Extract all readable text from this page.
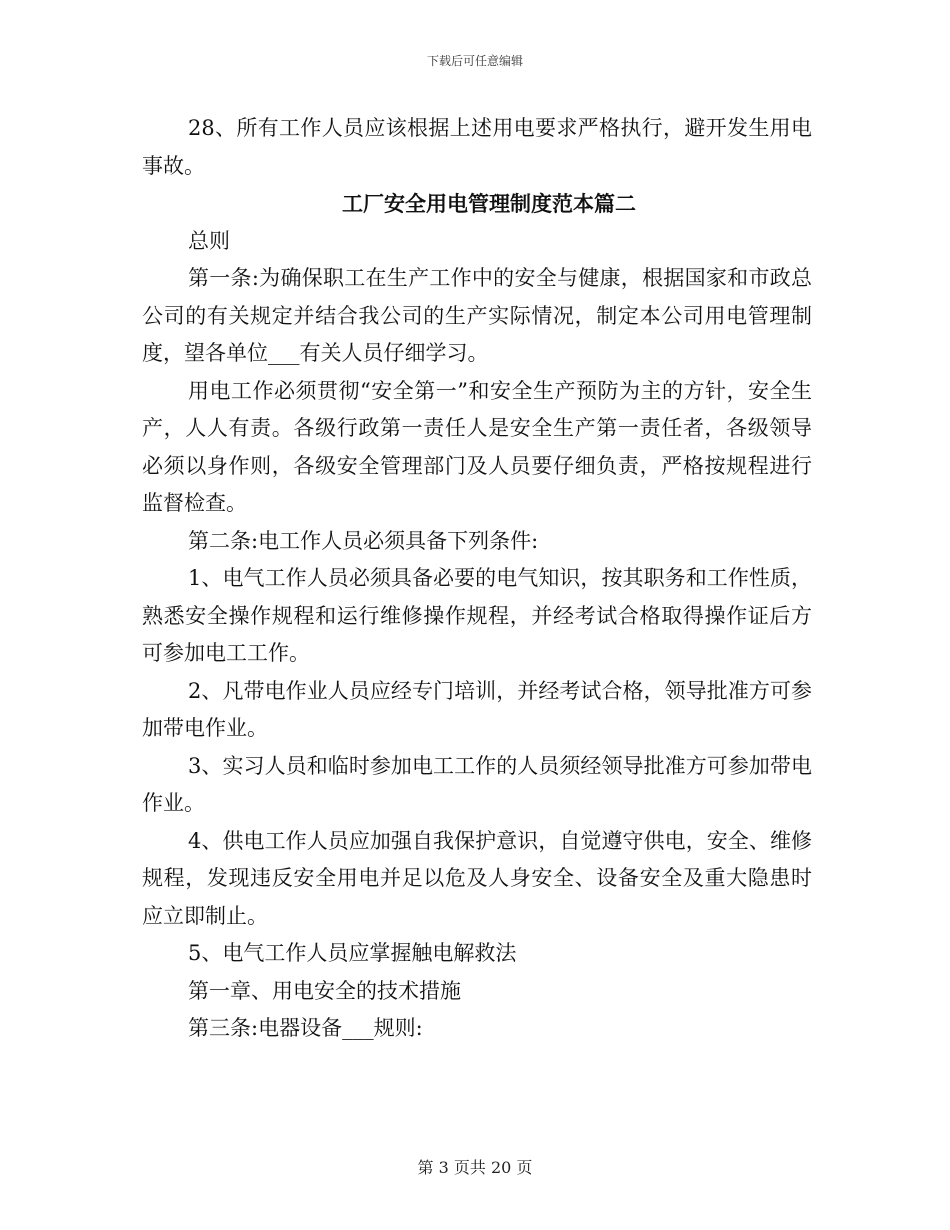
下载后可任意编辑

28、所有工作人员应该根据上述用电要求严格执行，避开发生用电事故。

工厂安全用电管理制度范本篇二

总则

第一条:为确保职工在生产工作中的安全与健康，根据国家和市政总公司的有关规定并结合我公司的生产实际情况，制定本公司用电管理制度，望各单位___有关人员仔细学习。

用电工作必须贯彻“安全第一”和安全生产预防为主的方针，安全生产，人人有责。各级行政第一责任人是安全生产第一责任者，各级领导必须以身作则，各级安全管理部门及人员要仔细负责，严格按规程进行监督检查。

第二条:电工作人员必须具备下列条件:

1、电气工作人员必须具备必要的电气知识，按其职务和工作性质，熟悉安全操作规程和运行维修操作规程，并经考试合格取得操作证后方可参加电工工作。

2、凡带电作业人员应经专门培训，并经考试合格，领导批准方可参加带电作业。

3、实习人员和临时参加电工工作的人员须经领导批准方可参加带电作业。

4、供电工作人员应加强自我保护意识，自觉遵守供电，安全、维修规程，发现违反安全用电并足以危及人身安全、设备安全及重大隐患时应立即制止。

5、电气工作人员应掌握触电解救法

第一章、用电安全的技术措施

第三条:电器设备___规则:

第 3 页共 20 页
